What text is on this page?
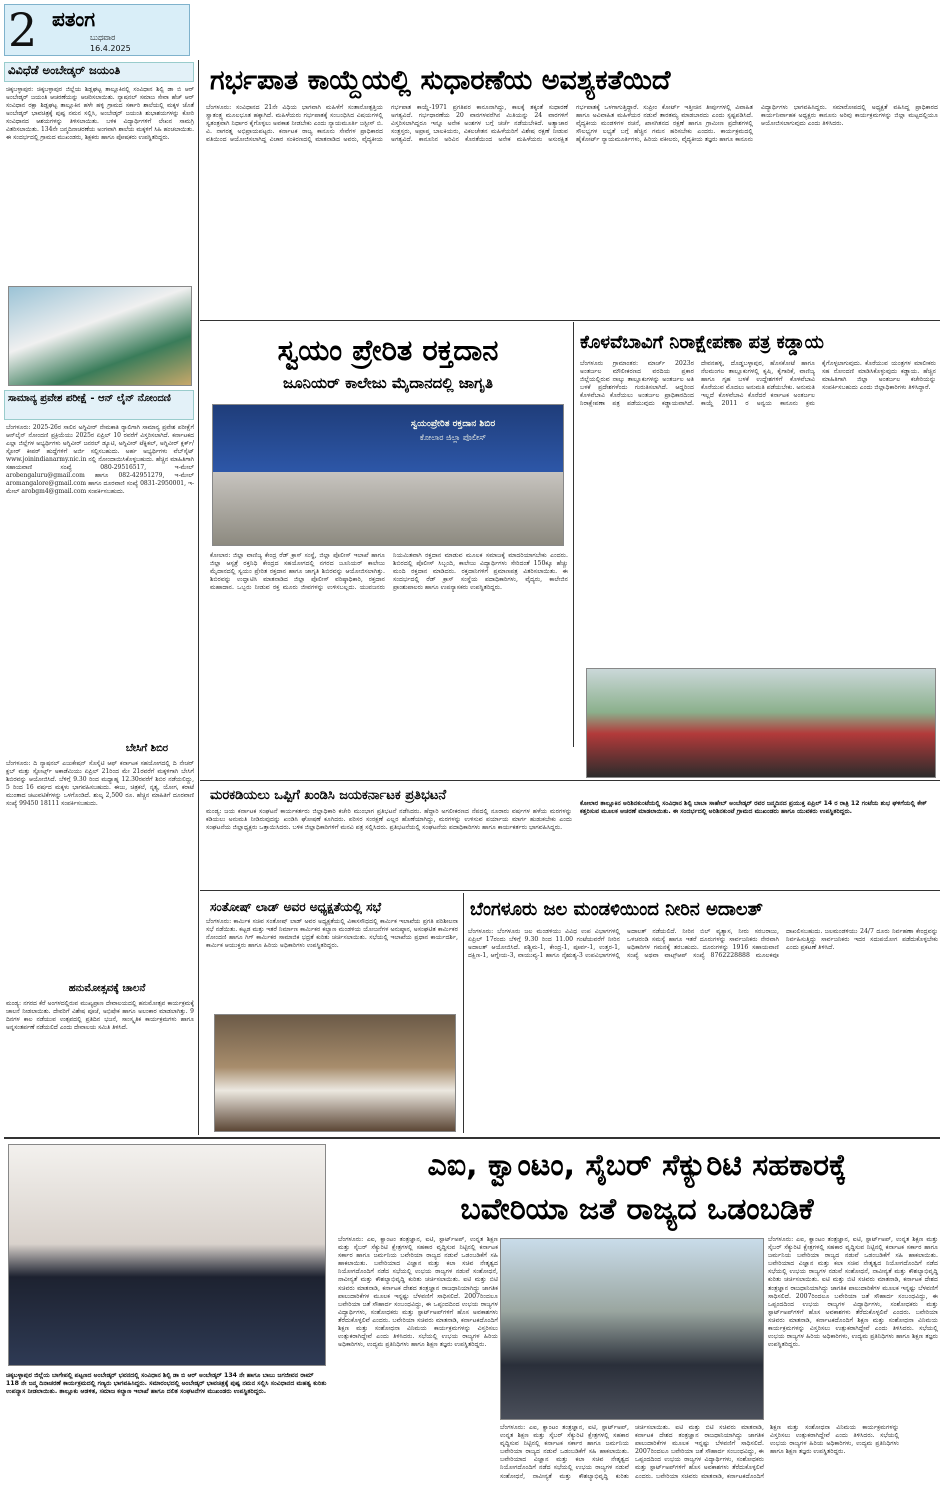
2 ಪತಂಗ
ಬುಧವಾರ
16.4.2025
ವಿವಿಧೆಡೆ ಅಂಬೇಡ್ಕರ್ ಜಯಂತಿ
ಚಿಕ್ಕಬಳ್ಳಾಪುರ: ಚಿಕ್ಕಬಳ್ಳಾಪುರ ಜಿಲ್ಲೆಯ ಶಿಡ್ಲಘಟ್ಟ ತಾಲ್ಲೂಕಿನಲ್ಲಿ ಸಂವಿಧಾನ ಶಿಲ್ಪಿ ಡಾ ಬಿ ಆರ್ ಅಂಬೇಡ್ಕರ್ ಜಯಂತಿ ಆಚರಣೆಯನ್ನು ಆಚರಿಸಲಾಯಿತು. ನ್ಯಾಷನಲ್ ಸಮಾಜ ಸೇವಾ ಹೆಚ್ ಆರ್ ಸಂವಿಧಾನ ರಕ್ಷಾ ಶಿಡ್ಲಘಟ್ಟ ತಾಲ್ಲೂಕಿನ ಹಳೇ ಹಳ್ಳಿ ಗ್ರಾಮದ ಸರ್ಕಾರಿ ಶಾಲೆಯಲ್ಲಿ ಮಕ್ಕಳ ಜೊತೆ ಅಂಬೇಡ್ಕರ್ ಭಾವಚಿತ್ರಕ್ಕೆ ಪುಷ್ಪ ನಮನ ಸಲ್ಲಿಸಿ, ಅಂಬೇಡ್ಕರ್ ಜಯಂತಿ ಶುಭಾಶಯಗಳನ್ನು ಕೋರಿ ಸಂವಿಧಾನದ ಆಶಯಗಳನ್ನು ತಿಳಿಸಲಾಯಿತು. ಬಳಿಕ ವಿದ್ಯಾರ್ಥಿಗಳಿಗೆ ಲೇಖನ ಸಾಮಗ್ರಿ ವಿತರಿಸಲಾಯಿತು. 134ನೇ ಜನ್ಮದಿನಾಚರಣೆಯ ಅಂಗವಾಗಿ ಶಾಲೆಯ ಮಕ್ಕಳಿಗೆ ಸಿಹಿ ಹಂಚಲಾಯಿತು. ಈ ಸಂದರ್ಭದಲ್ಲಿ ಗ್ರಾಮದ ಮುಖಂಡರು, ಶಿಕ್ಷಕರು ಹಾಗೂ ಪೋಷಕರು ಉಪಸ್ಥಿತರಿದ್ದರು.
ಸಾಮಾನ್ಯ ಪ್ರವೇಶ ಪರೀಕ್ಷೆ - ಆನ್ ಲೈನ್ ನೋಂದಣಿ
ಬೆಂಗಳೂರು: 2025-26ರ ಸಾಲಿನ ಅಗ್ನಿವೀರ್ ನೇಮಕಾತಿ ರ್‍ಯಾಲಿಗಾಗಿ ಸಾಮಾನ್ಯ ಪ್ರವೇಶ ಪರೀಕ್ಷೆಗೆ ಆನ್‌ಲೈನ್ ನೋಂದಣಿ ಪ್ರಕ್ರಿಯೆಯು 2025ರ ಏಪ್ರಿಲ್ 10 ರವರೆಗೆ ವಿಸ್ತರಿಸಲಾಗಿದೆ. ಕರ್ನಾಟಕದ ಎಲ್ಲಾ ಜಿಲ್ಲೆಗಳ ಅಭ್ಯರ್ಥಿಗಳು ಅಗ್ನಿವೀರ್ ಜನರಲ್ ಡ್ಯೂಟಿ, ಅಗ್ನಿವೀರ್ ಟೆಕ್ನಿಕಲ್, ಅಗ್ನಿವೀರ್ ಕ್ಲರ್ಕ್/ಸ್ಟೋರ್ ಕೀಪರ್ ಹುದ್ದೆಗಳಿಗೆ ಅರ್ಜಿ ಸಲ್ಲಿಸಬಹುದು. ಅರ್ಹ ಅಭ್ಯರ್ಥಿಗಳು ವೆಬ್‌ಸೈಟ್ www.joinindianarmy.nic.in ನಲ್ಲಿ ನೋಂದಾಯಿಸಿಕೊಳ್ಳಬಹುದು. ಹೆಚ್ಚಿನ ಮಾಹಿತಿಗಾಗಿ ಸಹಾಯವಾಣಿ ಸಂಖ್ಯೆ 080-29516517, ಇ-ಮೇಲ್ arobengaluru@gmail.com ಹಾಗೂ 082-42951279, ಇ-ಮೇಲ್ aromangalore@gmail.com ಹಾಗೂ ದೂರವಾಣಿ ಸಂಖ್ಯೆ 0831-2950001, ಇ-ಮೇಲ್ arobgm4@gmail.com ಸಂಪರ್ಕಿಸಬಹುದು.
ಬೇಸಿಗೆ ಶಿಬಿರ
ಬೆಂಗಳೂರು: ದಿ ನ್ಯಾಷನಲ್ ಎಜುಕೇಷನ್ ಸೊಸೈಟಿ ಆಫ್ ಕರ್ನಾಟಕ ಸಹಯೋಗದಲ್ಲಿ ದಿ ನೇಚರ್ ಕ್ಲಬ್ ಮತ್ತು ಸ್ಪೋರ್ಟ್ಸ್ ಅಕಾಡೆಮಿಯು ಏಪ್ರಿಲ್ 21ರಿಂದ ಮೇ 21ರವರೆಗೆ ಮಕ್ಕಳಿಗಾಗಿ ಬೇಸಿಗೆ ಶಿಬಿರವನ್ನು ಆಯೋಜಿಸಿದೆ. ಬೆಳಿಗ್ಗೆ 9.30 ರಿಂದ ಮಧ್ಯಾಹ್ನ 12.30ರವರೆಗೆ ಶಿಬಿರ ನಡೆಯಲಿದ್ದು, 5 ರಿಂದ 16 ವರ್ಷದ ಮಕ್ಕಳು ಭಾಗವಹಿಸಬಹುದು. ಈಜು, ಚಿತ್ರಕಲೆ, ನೃತ್ಯ, ಯೋಗ, ಕರಾಟೆ ಮುಂತಾದ ಚಟುವಟಿಕೆಗಳನ್ನು ಒಳಗೊಂಡಿದೆ. ಶುಲ್ಕ 2,500 ರೂ. ಹೆಚ್ಚಿನ ಮಾಹಿತಿಗೆ ದೂರವಾಣಿ ಸಂಖ್ಯೆ 99450 18111 ಸಂಪರ್ಕಿಸಬಹುದು.
ಹನುಮೋತ್ಸವಕ್ಕೆ ಚಾಲನೆ
ಮಂಡ್ಯ: ನಗರದ ಕೆರೆ ಅಂಗಳದಲ್ಲಿರುವ ಮುಖ್ಯಪ್ರಾಣ ದೇವಾಲಯದಲ್ಲಿ ಹನುಮೋತ್ಸವ ಕಾರ್ಯಕ್ರಮಕ್ಕೆ ಚಾಲನೆ ನೀಡಲಾಯಿತು. ದೇವರಿಗೆ ವಿಶೇಷ ಪೂಜೆ, ಅಭಿಷೇಕ ಹಾಗೂ ಅಲಂಕಾರ ಮಾಡಲಾಗಿತ್ತು. 9 ದಿನಗಳ ಕಾಲ ನಡೆಯುವ ಉತ್ಸವದಲ್ಲಿ ಪ್ರತಿದಿನ ಭಜನೆ, ಸಾಂಸ್ಕೃತಿಕ ಕಾರ್ಯಕ್ರಮಗಳು ಹಾಗೂ ಅನ್ನಸಂತರ್ಪಣೆ ನಡೆಯಲಿದೆ ಎಂದು ದೇವಾಲಯ ಸಮಿತಿ ತಿಳಿಸಿದೆ.
ಗರ್ಭಪಾತ ಕಾಯ್ದೆಯಲ್ಲಿ ಸುಧಾರಣೆಯ ಅವಶ್ಯಕತೆಯಿದೆ
ಬೆಂಗಳೂರು: ಸಂವಿಧಾನದ 21ನೇ ವಿಧಿಯ ಭಾಗವಾಗಿ ಮಹಿಳೆಗೆ ಸಂತಾನೋತ್ಪತ್ತಿಯ ಸ್ವಾತಂತ್ರ್ಯ ಮೂಲಭೂತ ಹಕ್ಕಾಗಿದೆ. ಮಹಿಳೆಯರು ಗರ್ಭಪಾತಕ್ಕೆ ಸಂಬಂಧಿಸಿದ ವಿಷಯಗಳಲ್ಲಿ ಸ್ವತಂತ್ರವಾಗಿ ನಿರ್ಧಾರ ಕೈಗೊಳ್ಳಲು ಅವಕಾಶ ನೀಡಬೇಕು ಎಂದು ನ್ಯಾಯಮೂರ್ತಿ ಜಸ್ಟೀಸ್ ಬಿ. ವಿ. ನಾಗರತ್ನ ಅಭಿಪ್ರಾಯಪಟ್ಟರು. ಕರ್ನಾಟಕ ರಾಜ್ಯ ಕಾನೂನು ಸೇವೆಗಳ ಪ್ರಾಧಿಕಾರದ ವತಿಯಿಂದ ಆಯೋಜಿಸಲಾಗಿದ್ದ ವಿಚಾರ ಸಂಕಿರಣದಲ್ಲಿ ಮಾತನಾಡಿದ ಅವರು, ವೈದ್ಯಕೀಯ ಗರ್ಭಪಾತ ಕಾಯ್ದೆ-1971 ಪ್ರಗತಿಪರ ಕಾನೂನಾಗಿದ್ದು, ಕಾಲಕ್ಕೆ ತಕ್ಕಂತೆ ಸುಧಾರಣೆ ಅಗತ್ಯವಿದೆ. ಗರ್ಭಧಾರಣೆಯ 20 ವಾರಗಳವರೆಗಿನ ಮಿತಿಯನ್ನು 24 ವಾರಗಳಿಗೆ ವಿಸ್ತರಿಸಲಾಗಿದ್ದರೂ ಇನ್ನೂ ಅನೇಕ ಅಂಶಗಳ ಬಗ್ಗೆ ಚರ್ಚೆ ನಡೆಯಬೇಕಿದೆ. ಅತ್ಯಾಚಾರ ಸಂತ್ರಸ್ತರು, ಅಪ್ರಾಪ್ತ ಬಾಲಕಿಯರು, ವಿಕಲಚೇತನ ಮಹಿಳೆಯರಿಗೆ ವಿಶೇಷ ರಕ್ಷಣೆ ನೀಡುವ ಅಗತ್ಯವಿದೆ. ಕಾನೂನಿನ ಅರಿವಿನ ಕೊರತೆಯಿಂದ ಅನೇಕ ಮಹಿಳೆಯರು ಅಸುರಕ್ಷಿತ ಗರ್ಭಪಾತಕ್ಕೆ ಒಳಗಾಗುತ್ತಿದ್ದಾರೆ. ಸುಪ್ರೀಂ ಕೋರ್ಟ್ ಇತ್ತೀಚಿನ ತೀರ್ಪುಗಳಲ್ಲಿ ವಿವಾಹಿತ ಹಾಗೂ ಅವಿವಾಹಿತ ಮಹಿಳೆಯರ ನಡುವೆ ತಾರತಮ್ಯ ಮಾಡಬಾರದು ಎಂದು ಸ್ಪಷ್ಟಪಡಿಸಿದೆ. ವೈದ್ಯಕೀಯ ಮಂಡಳಿಗಳ ರಚನೆ, ಖಾಸಗಿತನದ ರಕ್ಷಣೆ ಹಾಗೂ ಗ್ರಾಮೀಣ ಪ್ರದೇಶಗಳಲ್ಲಿ ಸೌಲಭ್ಯಗಳ ಲಭ್ಯತೆ ಬಗ್ಗೆ ಹೆಚ್ಚಿನ ಗಮನ ಹರಿಸಬೇಕು ಎಂದರು. ಕಾರ್ಯಕ್ರಮದಲ್ಲಿ ಹೈಕೋರ್ಟ್ ನ್ಯಾಯಮೂರ್ತಿಗಳು, ಹಿರಿಯ ವಕೀಲರು, ವೈದ್ಯಕೀಯ ತಜ್ಞರು ಹಾಗೂ ಕಾನೂನು ವಿದ್ಯಾರ್ಥಿಗಳು ಭಾಗವಹಿಸಿದ್ದರು. ಸಮಾರೋಪದಲ್ಲಿ ಅಧ್ಯಕ್ಷತೆ ವಹಿಸಿದ್ದ ಪ್ರಾಧಿಕಾರದ ಕಾರ್ಯನಿರ್ವಾಹಕ ಅಧ್ಯಕ್ಷರು ಕಾನೂನು ಅರಿವು ಕಾರ್ಯಕ್ರಮಗಳನ್ನು ಜಿಲ್ಲಾ ಮಟ್ಟದಲ್ಲಿಯೂ ಆಯೋಜಿಸಲಾಗುವುದು ಎಂದು ತಿಳಿಸಿದರು.
ಸ್ವಯಂ ಪ್ರೇರಿತ ರಕ್ತದಾನ
ಜೂನಿಯರ್ ಕಾಲೇಜು ಮೈದಾನದಲ್ಲಿ ಜಾಗೃತಿ
ಸ್ವಯಂಪ್ರೇರಿತ ರಕ್ತದಾನ ಶಿಬಿರ
ಕೋಲಾರ ಜಿಲ್ಲಾ ಪೊಲೀಸ್
ಕೋಲಾರ: ಜಿಲ್ಲಾ ವಾಣಿಜ್ಯ ಕೇಂದ್ರ ರೆಡ್ ಕ್ರಾಸ್ ಸಂಸ್ಥೆ, ಜಿಲ್ಲಾ ಪೊಲೀಸ್ ಇಲಾಖೆ ಹಾಗೂ ಜಿಲ್ಲಾ ಆಸ್ಪತ್ರೆ ರಕ್ತನಿಧಿ ಕೇಂದ್ರದ ಸಹಯೋಗದಲ್ಲಿ ನಗರದ ಜೂನಿಯರ್ ಕಾಲೇಜು ಮೈದಾನದಲ್ಲಿ ಸ್ವಯಂ ಪ್ರೇರಿತ ರಕ್ತದಾನ ಹಾಗೂ ಜಾಗೃತಿ ಶಿಬಿರವನ್ನು ಆಯೋಜಿಸಲಾಗಿತ್ತು. ಶಿಬಿರವನ್ನು ಉದ್ಘಾಟಿಸಿ ಮಾತನಾಡಿದ ಜಿಲ್ಲಾ ಪೊಲೀಸ್ ವರಿಷ್ಠಾಧಿಕಾರಿ, ರಕ್ತದಾನ ಮಹಾದಾನ. ಒಬ್ಬರು ನೀಡುವ ರಕ್ತ ಮೂರು ಜೀವಗಳನ್ನು ಉಳಿಸಬಲ್ಲದು. ಯುವಜನರು ನಿಯಮಿತವಾಗಿ ರಕ್ತದಾನ ಮಾಡುವ ಮೂಲಕ ಸಮಾಜಕ್ಕೆ ಮಾದರಿಯಾಗಬೇಕು ಎಂದರು. ಶಿಬಿರದಲ್ಲಿ ಪೊಲೀಸ್ ಸಿಬ್ಬಂದಿ, ಕಾಲೇಜು ವಿದ್ಯಾರ್ಥಿಗಳು ಸೇರಿದಂತೆ 150ಕ್ಕೂ ಹೆಚ್ಚು ಮಂದಿ ರಕ್ತದಾನ ಮಾಡಿದರು. ರಕ್ತದಾನಿಗಳಿಗೆ ಪ್ರಮಾಣಪತ್ರ ವಿತರಿಸಲಾಯಿತು. ಈ ಸಂದರ್ಭದಲ್ಲಿ ರೆಡ್ ಕ್ರಾಸ್ ಸಂಸ್ಥೆಯ ಪದಾಧಿಕಾರಿಗಳು, ವೈದ್ಯರು, ಕಾಲೇಜಿನ ಪ್ರಾಂಶುಪಾಲರು ಹಾಗೂ ಉಪನ್ಯಾಸಕರು ಉಪಸ್ಥಿತರಿದ್ದರು.
ಕೊಳವೆಬಾವಿಗೆ ನಿರಾಕ್ಷೇಪಣಾ ಪತ್ರ ಕಡ್ಡಾಯ
ಬೆಂಗಳೂರು ಗ್ರಾಮಾಂತರ: ಮಾರ್ಚ್ 2023ರ ಅಂತರ್ಜಲ ಮೌಲೀಕರಣದ ವರದಿಯ ಪ್ರಕಾರ ಜಿಲ್ಲೆಯಲ್ಲಿರುವ ನಾಲ್ಕು ತಾಲ್ಲೂಕುಗಳನ್ನು ಅಂತರ್ಜಲ ಅತಿ ಬಳಕೆ ಪ್ರದೇಶಗಳೆಂದು ಗುರುತಿಸಲಾಗಿದೆ. ಆದ್ದರಿಂದ ಕೊಳವೆಬಾವಿ ಕೊರೆಯಲು ಅಂತರ್ಜಲ ಪ್ರಾಧಿಕಾರದಿಂದ ನಿರಾಕ್ಷೇಪಣಾ ಪತ್ರ ಪಡೆಯುವುದು ಕಡ್ಡಾಯವಾಗಿದೆ. ದೇವನಹಳ್ಳಿ, ದೊಡ್ಡಬಳ್ಳಾಪುರ, ಹೊಸಕೋಟೆ ಹಾಗೂ ನೆಲಮಂಗಲ ತಾಲ್ಲೂಕುಗಳಲ್ಲಿ ಕೃಷಿ, ಕೈಗಾರಿಕೆ, ವಾಣಿಜ್ಯ ಹಾಗೂ ಗೃಹ ಬಳಕೆ ಉದ್ದೇಶಗಳಿಗೆ ಕೊಳವೆಬಾವಿ ಕೊರೆಯುವ ಮೊದಲು ಅನುಮತಿ ಪಡೆಯಬೇಕು. ಅನುಮತಿ ಇಲ್ಲದೆ ಕೊಳವೆಬಾವಿ ಕೊರೆದರೆ ಕರ್ನಾಟಕ ಅಂತರ್ಜಲ ಕಾಯ್ದೆ 2011 ರ ಅನ್ವಯ ಕಾನೂನು ಕ್ರಮ ಕೈಗೊಳ್ಳಲಾಗುವುದು. ಕೊರೆಯುವ ಯಂತ್ರಗಳ ಮಾಲೀಕರು ಸಹ ನೋಂದಣಿ ಮಾಡಿಸಿಕೊಳ್ಳುವುದು ಕಡ್ಡಾಯ. ಹೆಚ್ಚಿನ ಮಾಹಿತಿಗಾಗಿ ಜಿಲ್ಲಾ ಅಂತರ್ಜಲ ಕಚೇರಿಯನ್ನು ಸಂಪರ್ಕಿಸಬಹುದು ಎಂದು ಜಿಲ್ಲಾಧಿಕಾರಿಗಳು ತಿಳಿಸಿದ್ದಾರೆ.
ಕೋಲಾರ ತಾಲ್ಲೂಕಿನ ಅರಿಶಿನಕುಂಟೆಯಲ್ಲಿ ಸಂವಿಧಾನ ಶಿಲ್ಪಿ ಬಾಬಾ ಸಾಹೇಬ್ ಅಂಬೇಡ್ಕರ್ ರವರ ಜನ್ಮದಿನದ ಪ್ರಯುಕ್ತ ಏಪ್ರಿಲ್ 14 ರ ರಾತ್ರಿ 12 ಗಂಟೆಯ ಶುಭ ಘಳಿಗೆಯಲ್ಲಿ ಕೇಕ್ ಕತ್ತರಿಸುವ ಮೂಲಕ ಆಚರಣೆ ಮಾಡಲಾಯಿತು. ಈ ಸಂದರ್ಭದಲ್ಲಿ ಅರಿಶಿನಕುಂಟೆ ಗ್ರಾಮದ ಮುಖಂಡರು ಹಾಗೂ ಯುವಕರು ಉಪಸ್ಥಿತರಿದ್ದರು.
ಮರಕಡಿಯಲು ಒಪ್ಪಿಗೆ ಖಂಡಿಸಿ ಜಯಕರ್ನಾಟಕ ಪ್ರತಿಭಟನೆ
ಮಂಡ್ಯ: ಜಯ ಕರ್ನಾಟಕ ಸಂಘಟನೆ ಕಾರ್ಯಕರ್ತರು ಜಿಲ್ಲಾಧಿಕಾರಿ ಕಚೇರಿ ಮುಂಭಾಗ ಪ್ರತಿಭಟನೆ ನಡೆಸಿದರು. ಹೆದ್ದಾರಿ ಅಗಲೀಕರಣದ ನೆಪದಲ್ಲಿ ನೂರಾರು ವರ್ಷಗಳ ಹಳೆಯ ಮರಗಳನ್ನು ಕಡಿಯಲು ಅನುಮತಿ ನೀಡಿರುವುದನ್ನು ಖಂಡಿಸಿ ಘೋಷಣೆ ಕೂಗಿದರು. ಪರಿಸರ ಸಂರಕ್ಷಣೆ ಎಲ್ಲರ ಹೊಣೆಯಾಗಿದ್ದು, ಮರಗಳನ್ನು ಉಳಿಸುವ ಪರ್ಯಾಯ ಮಾರ್ಗ ಹುಡುಕಬೇಕು ಎಂದು ಸಂಘಟನೆಯ ಜಿಲ್ಲಾಧ್ಯಕ್ಷರು ಒತ್ತಾಯಿಸಿದರು. ಬಳಿಕ ಜಿಲ್ಲಾಧಿಕಾರಿಗಳಿಗೆ ಮನವಿ ಪತ್ರ ಸಲ್ಲಿಸಿದರು. ಪ್ರತಿಭಟನೆಯಲ್ಲಿ ಸಂಘಟನೆಯ ಪದಾಧಿಕಾರಿಗಳು ಹಾಗೂ ಕಾರ್ಯಕರ್ತರು ಭಾಗವಹಿಸಿದ್ದರು.
ಸಂತೋಷ್ ಲಾಡ್ ಅವರ ಅಧ್ಯಕ್ಷತೆಯಲ್ಲಿ ಸಭೆ
ಬೆಂಗಳೂರು: ಕಾರ್ಮಿಕ ಸಚಿವ ಸಂತೋಷ್ ಲಾಡ್ ಅವರ ಅಧ್ಯಕ್ಷತೆಯಲ್ಲಿ ವಿಕಾಸಸೌಧದಲ್ಲಿ ಕಾರ್ಮಿಕ ಇಲಾಖೆಯ ಪ್ರಗತಿ ಪರಿಶೀಲನಾ ಸಭೆ ನಡೆಯಿತು. ಕಟ್ಟಡ ಮತ್ತು ಇತರೆ ನಿರ್ಮಾಣ ಕಾರ್ಮಿಕರ ಕಲ್ಯಾಣ ಮಂಡಳಿಯ ಯೋಜನೆಗಳ ಅನುಷ್ಠಾನ, ಅಸಂಘಟಿತ ಕಾರ್ಮಿಕರ ನೋಂದಣಿ ಹಾಗೂ ಗಿಗ್ ಕಾರ್ಮಿಕರ ಸಾಮಾಜಿಕ ಭದ್ರತೆ ಕುರಿತು ಚರ್ಚಿಸಲಾಯಿತು. ಸಭೆಯಲ್ಲಿ ಇಲಾಖೆಯ ಪ್ರಧಾನ ಕಾರ್ಯದರ್ಶಿ, ಕಾರ್ಮಿಕ ಆಯುಕ್ತರು ಹಾಗೂ ಹಿರಿಯ ಅಧಿಕಾರಿಗಳು ಉಪಸ್ಥಿತರಿದ್ದರು.
ಬೆಂಗಳೂರು ಜಲ ಮಂಡಳಿಯಿಂದ ನೀರಿನ ಅದಾಲತ್
ಬೆಂಗಳೂರು: ಬೆಂಗಳೂರು ಜಲ ಮಂಡಳಿಯು ವಿವಿಧ ಉಪ ವಿಭಾಗಗಳಲ್ಲಿ ಏಪ್ರಿಲ್ 17ರಂದು ಬೆಳಿಗ್ಗೆ 9.30 ರಿಂದ 11.00 ಗಂಟೆಯವರೆಗೆ ನೀರಿನ ಅದಾಲತ್ ಆಯೋಜಿಸಿದೆ. ಪಶ್ಚಿಮ-1, ಕೇಂದ್ರ-1, ಪೂರ್ವ-1, ಉತ್ತರ-1, ದಕ್ಷಿಣ-1, ಆಗ್ನೇಯ-3, ವಾಯುವ್ಯ-1 ಹಾಗೂ ನೈಋತ್ಯ-3 ಉಪವಿಭಾಗಗಳಲ್ಲಿ ಅದಾಲತ್ ನಡೆಯಲಿದೆ. ನೀರಿನ ಬಿಲ್ ವ್ಯತ್ಯಾಸ, ನೀರು ಸರಬರಾಜು, ಒಳಚರಂಡಿ ಸಮಸ್ಯೆ ಹಾಗೂ ಇತರೆ ದೂರುಗಳನ್ನು ಸಾರ್ವಜನಿಕರು ನೇರವಾಗಿ ಅಧಿಕಾರಿಗಳ ಗಮನಕ್ಕೆ ತರಬಹುದು. ದೂರುಗಳನ್ನು 1916 ಸಹಾಯವಾಣಿ ಸಂಖ್ಯೆ ಅಥವಾ ವಾಟ್ಸ್‌ಆಪ್ ಸಂಖ್ಯೆ 8762228888 ಮೂಲಕವೂ ದಾಖಲಿಸಬಹುದು. ಜಲಮಂಡಳಿಯು 24/7 ದೂರು ನಿರ್ವಹಣಾ ಕೇಂದ್ರವನ್ನು ನಿರ್ವಹಿಸುತ್ತಿದ್ದು ಸಾರ್ವಜನಿಕರು ಇದರ ಸದುಪಯೋಗ ಪಡೆದುಕೊಳ್ಳಬೇಕು ಎಂದು ಪ್ರಕಟಣೆ ತಿಳಿಸಿದೆ.
ಚಿಕ್ಕಬಳ್ಳಾಪುರ ಜಿಲ್ಲೆಯ ಬಾಗೇಪಲ್ಲಿ ಪಟ್ಟಣದ ಅಂಬೇಡ್ಕರ್ ಭವನದಲ್ಲಿ ಸಂವಿಧಾನ ಶಿಲ್ಪಿ ಡಾ ಬಿ ಆರ್ ಅಂಬೇಡ್ಕರ್ 134 ನೇ ಹಾಗೂ ಬಾಬು ಜಗಜೀವನ ರಾಮ್ 118 ನೇ ಜನ್ಮ ದಿನಾಚರಣೆ ಕಾರ್ಯಕ್ರಮದಲ್ಲಿ ಗಣ್ಯರು ಭಾಗವಹಿಸಿದ್ದರು. ಸಮಾರಂಭದಲ್ಲಿ ಅಂಬೇಡ್ಕರ್ ಭಾವಚಿತ್ರಕ್ಕೆ ಪುಷ್ಪ ನಮನ ಸಲ್ಲಿಸಿ ಸಂವಿಧಾನದ ಮಹತ್ವ ಕುರಿತು ಉಪನ್ಯಾಸ ನೀಡಲಾಯಿತು. ತಾಲ್ಲೂಕು ಆಡಳಿತ, ಸಮಾಜ ಕಲ್ಯಾಣ ಇಲಾಖೆ ಹಾಗೂ ದಲಿತ ಸಂಘಟನೆಗಳ ಮುಖಂಡರು ಉಪಸ್ಥಿತರಿದ್ದರು.
ಎಐ, ಕ್ವಾಂಟಂ, ಸೈಬರ್ ಸೆಕ್ಯುರಿಟಿ ಸಹಕಾರಕ್ಕೆ
ಬವೇರಿಯಾ ಜತೆ ರಾಜ್ಯದ ಒಡಂಬಡಿಕೆ
ಬೆಂಗಳೂರು: ಎಐ, ಕ್ವಾಂಟಂ ತಂತ್ರಜ್ಞಾನ, ಐಟಿ, ಸ್ಟಾರ್ಟ್‌ಅಪ್, ಉನ್ನತ ಶಿಕ್ಷಣ ಮತ್ತು ಸೈಬರ್ ಸೆಕ್ಯುರಿಟಿ ಕ್ಷೇತ್ರಗಳಲ್ಲಿ ಸಹಕಾರ ವೃದ್ಧಿಸುವ ನಿಟ್ಟಿನಲ್ಲಿ ಕರ್ನಾಟಕ ಸರ್ಕಾರ ಹಾಗೂ ಜರ್ಮನಿಯ ಬವೇರಿಯಾ ರಾಜ್ಯದ ನಡುವೆ ಒಡಂಬಡಿಕೆಗೆ ಸಹಿ ಹಾಕಲಾಯಿತು. ಬವೇರಿಯಾದ ವಿಜ್ಞಾನ ಮತ್ತು ಕಲಾ ಸಚಿವ ನೇತೃತ್ವದ ನಿಯೋಗದೊಂದಿಗೆ ನಡೆದ ಸಭೆಯಲ್ಲಿ ಉಭಯ ರಾಜ್ಯಗಳ ನಡುವೆ ಸಂಶೋಧನೆ, ನಾವೀನ್ಯತೆ ಮತ್ತು ಕೌಶಲ್ಯಾಭಿವೃದ್ಧಿ ಕುರಿತು ಚರ್ಚಿಸಲಾಯಿತು. ಐಟಿ ಮತ್ತು ಬಿಟಿ ಸಚಿವರು ಮಾತನಾಡಿ, ಕರ್ನಾಟಕ ದೇಶದ ತಂತ್ರಜ್ಞಾನ ರಾಜಧಾನಿಯಾಗಿದ್ದು ಜಾಗತಿಕ ಪಾಲುದಾರಿಕೆಗಳ ಮೂಲಕ ಇನ್ನಷ್ಟು ಬೆಳವಣಿಗೆ ಸಾಧಿಸಲಿದೆ. 2007ರಿಂದಲೂ ಬವೇರಿಯಾ ಜತೆ ಸೌಹಾರ್ದ ಸಂಬಂಧವಿದ್ದು, ಈ ಒಪ್ಪಂದದಿಂದ ಉಭಯ ರಾಜ್ಯಗಳ ವಿದ್ಯಾರ್ಥಿಗಳು, ಸಂಶೋಧಕರು ಮತ್ತು ಸ್ಟಾರ್ಟ್‌ಅಪ್‌ಗಳಿಗೆ ಹೊಸ ಅವಕಾಶಗಳು ತೆರೆದುಕೊಳ್ಳಲಿವೆ ಎಂದರು. ಬವೇರಿಯಾ ಸಚಿವರು ಮಾತನಾಡಿ, ಕರ್ನಾಟಕದೊಂದಿಗೆ ಶಿಕ್ಷಣ ಮತ್ತು ಸಂಶೋಧನಾ ವಿನಿಮಯ ಕಾರ್ಯಕ್ರಮಗಳನ್ನು ವಿಸ್ತರಿಸಲು ಉತ್ಸುಕರಾಗಿದ್ದೇವೆ ಎಂದು ತಿಳಿಸಿದರು. ಸಭೆಯಲ್ಲಿ ಉಭಯ ರಾಜ್ಯಗಳ ಹಿರಿಯ ಅಧಿಕಾರಿಗಳು, ಉದ್ಯಮ ಪ್ರತಿನಿಧಿಗಳು ಹಾಗೂ ಶಿಕ್ಷಣ ತಜ್ಞರು ಉಪಸ್ಥಿತರಿದ್ದರು.
ಬೆಂಗಳೂರು: ಎಐ, ಕ್ವಾಂಟಂ ತಂತ್ರಜ್ಞಾನ, ಐಟಿ, ಸ್ಟಾರ್ಟ್‌ಅಪ್, ಉನ್ನತ ಶಿಕ್ಷಣ ಮತ್ತು ಸೈಬರ್ ಸೆಕ್ಯುರಿಟಿ ಕ್ಷೇತ್ರಗಳಲ್ಲಿ ಸಹಕಾರ ವೃದ್ಧಿಸುವ ನಿಟ್ಟಿನಲ್ಲಿ ಕರ್ನಾಟಕ ಸರ್ಕಾರ ಹಾಗೂ ಜರ್ಮನಿಯ ಬವೇರಿಯಾ ರಾಜ್ಯದ ನಡುವೆ ಒಡಂಬಡಿಕೆಗೆ ಸಹಿ ಹಾಕಲಾಯಿತು. ಬವೇರಿಯಾದ ವಿಜ್ಞಾನ ಮತ್ತು ಕಲಾ ಸಚಿವ ನೇತೃತ್ವದ ನಿಯೋಗದೊಂದಿಗೆ ನಡೆದ ಸಭೆಯಲ್ಲಿ ಉಭಯ ರಾಜ್ಯಗಳ ನಡುವೆ ಸಂಶೋಧನೆ, ನಾವೀನ್ಯತೆ ಮತ್ತು ಕೌಶಲ್ಯಾಭಿವೃದ್ಧಿ ಕುರಿತು ಚರ್ಚಿಸಲಾಯಿತು. ಐಟಿ ಮತ್ತು ಬಿಟಿ ಸಚಿವರು ಮಾತನಾಡಿ, ಕರ್ನಾಟಕ ದೇಶದ ತಂತ್ರಜ್ಞಾನ ರಾಜಧಾನಿಯಾಗಿದ್ದು ಜಾಗತಿಕ ಪಾಲುದಾರಿಕೆಗಳ ಮೂಲಕ ಇನ್ನಷ್ಟು ಬೆಳವಣಿಗೆ ಸಾಧಿಸಲಿದೆ. 2007ರಿಂದಲೂ ಬವೇರಿಯಾ ಜತೆ ಸೌಹಾರ್ದ ಸಂಬಂಧವಿದ್ದು, ಈ ಒಪ್ಪಂದದಿಂದ ಉಭಯ ರಾಜ್ಯಗಳ ವಿದ್ಯಾರ್ಥಿಗಳು, ಸಂಶೋಧಕರು ಮತ್ತು ಸ್ಟಾರ್ಟ್‌ಅಪ್‌ಗಳಿಗೆ ಹೊಸ ಅವಕಾಶಗಳು ತೆರೆದುಕೊಳ್ಳಲಿವೆ ಎಂದರು. ಬವೇರಿಯಾ ಸಚಿವರು ಮಾತನಾಡಿ, ಕರ್ನಾಟಕದೊಂದಿಗೆ ಶಿಕ್ಷಣ ಮತ್ತು ಸಂಶೋಧನಾ ವಿನಿಮಯ ಕಾರ್ಯಕ್ರಮಗಳನ್ನು ವಿಸ್ತರಿಸಲು ಉತ್ಸುಕರಾಗಿದ್ದೇವೆ ಎಂದು ತಿಳಿಸಿದರು. ಸಭೆಯಲ್ಲಿ ಉಭಯ ರಾಜ್ಯಗಳ ಹಿರಿಯ ಅಧಿಕಾರಿಗಳು, ಉದ್ಯಮ ಪ್ರತಿನಿಧಿಗಳು ಹಾಗೂ ಶಿಕ್ಷಣ ತಜ್ಞರು ಉಪಸ್ಥಿತರಿದ್ದರು.
ಬೆಂಗಳೂರು: ಎಐ, ಕ್ವಾಂಟಂ ತಂತ್ರಜ್ಞಾನ, ಐಟಿ, ಸ್ಟಾರ್ಟ್‌ಅಪ್, ಉನ್ನತ ಶಿಕ್ಷಣ ಮತ್ತು ಸೈಬರ್ ಸೆಕ್ಯುರಿಟಿ ಕ್ಷೇತ್ರಗಳಲ್ಲಿ ಸಹಕಾರ ವೃದ್ಧಿಸುವ ನಿಟ್ಟಿನಲ್ಲಿ ಕರ್ನಾಟಕ ಸರ್ಕಾರ ಹಾಗೂ ಜರ್ಮನಿಯ ಬವೇರಿಯಾ ರಾಜ್ಯದ ನಡುವೆ ಒಡಂಬಡಿಕೆಗೆ ಸಹಿ ಹಾಕಲಾಯಿತು. ಬವೇರಿಯಾದ ವಿಜ್ಞಾನ ಮತ್ತು ಕಲಾ ಸಚಿವ ನೇತೃತ್ವದ ನಿಯೋಗದೊಂದಿಗೆ ನಡೆದ ಸಭೆಯಲ್ಲಿ ಉಭಯ ರಾಜ್ಯಗಳ ನಡುವೆ ಸಂಶೋಧನೆ, ನಾವೀನ್ಯತೆ ಮತ್ತು ಕೌಶಲ್ಯಾಭಿವೃದ್ಧಿ ಕುರಿತು ಚರ್ಚಿಸಲಾಯಿತು. ಐಟಿ ಮತ್ತು ಬಿಟಿ ಸಚಿವರು ಮಾತನಾಡಿ, ಕರ್ನಾಟಕ ದೇಶದ ತಂತ್ರಜ್ಞಾನ ರಾಜಧಾನಿಯಾಗಿದ್ದು ಜಾಗತಿಕ ಪಾಲುದಾರಿಕೆಗಳ ಮೂಲಕ ಇನ್ನಷ್ಟು ಬೆಳವಣಿಗೆ ಸಾಧಿಸಲಿದೆ. 2007ರಿಂದಲೂ ಬವೇರಿಯಾ ಜತೆ ಸೌಹಾರ್ದ ಸಂಬಂಧವಿದ್ದು, ಈ ಒಪ್ಪಂದದಿಂದ ಉಭಯ ರಾಜ್ಯಗಳ ವಿದ್ಯಾರ್ಥಿಗಳು, ಸಂಶೋಧಕರು ಮತ್ತು ಸ್ಟಾರ್ಟ್‌ಅಪ್‌ಗಳಿಗೆ ಹೊಸ ಅವಕಾಶಗಳು ತೆರೆದುಕೊಳ್ಳಲಿವೆ ಎಂದರು. ಬವೇರಿಯಾ ಸಚಿವರು ಮಾತನಾಡಿ, ಕರ್ನಾಟಕದೊಂದಿಗೆ ಶಿಕ್ಷಣ ಮತ್ತು ಸಂಶೋಧನಾ ವಿನಿಮಯ ಕಾರ್ಯಕ್ರಮಗಳನ್ನು ವಿಸ್ತರಿಸಲು ಉತ್ಸುಕರಾಗಿದ್ದೇವೆ ಎಂದು ತಿಳಿಸಿದರು. ಸಭೆಯಲ್ಲಿ ಉಭಯ ರಾಜ್ಯಗಳ ಹಿರಿಯ ಅಧಿಕಾರಿಗಳು, ಉದ್ಯಮ ಪ್ರತಿನಿಧಿಗಳು ಹಾಗೂ ಶಿಕ್ಷಣ ತಜ್ಞರು ಉಪಸ್ಥಿತರಿದ್ದರು.
